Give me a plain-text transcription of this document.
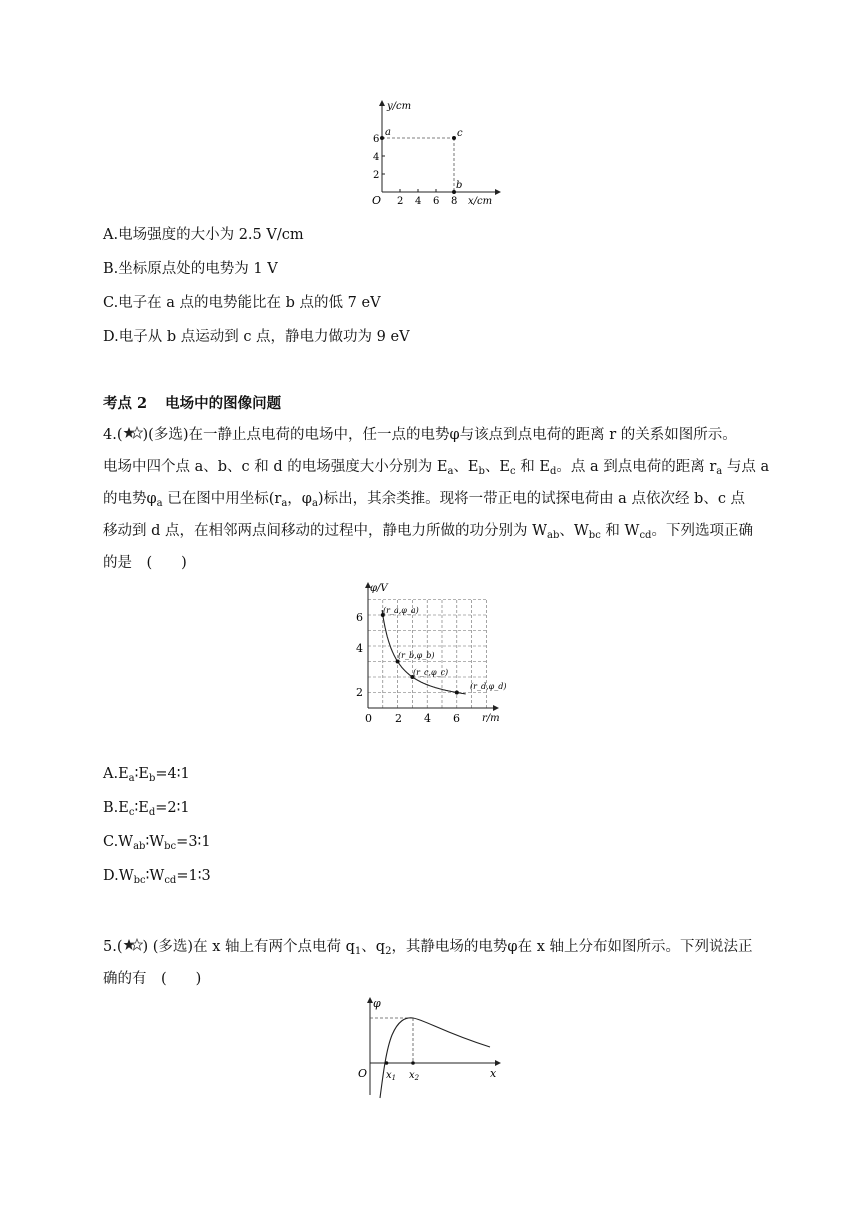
y/cm
x/cm
O
2
4
6
2 4 6 8
a
b
c
A.电场强度的大小为 2.5 V/cm
B.坐标原点处的电势为 1 V
C.电子在 a 点的电势能比在 b 点的低 7 eV
D.电子从 b 点运动到 c 点，静电力做功为 9 eV
考点 2 电场中的图像问题
4.( )(多选)在一静止点电荷的电场中，任一点的电势φ与该点到点电荷的距离 r 的关系如图所示。
电场中四个点 a、b、c 和 d 的电场强度大小分别为 $E_a$、$E_b$、$E_c$ 和 $E_d$。点 a 到点电荷的距离 $r_a$ 与点 a
的电势$\varphi_a$ 已在图中用坐标($r_a$，$\varphi_a$)标出，其余类推。现将一带正电的试探电荷由 a 点依次经 b、c 点
移动到 d 点，在相邻两点间移动的过程中，静电力所做的功分别为 $W_{ab}$、$W_{bc}$ 和 $W_{cd}$。下列选项正确
的是　(　　)
φ/V
r/m
2
4
6
0 2 4 6
(r_a,φ_a)
(r_b,φ_b)
(r_c,φ_c)
(r_d,φ_d)
$A.E_a∶E_b=4∶1$
$B.E_c∶E_d=2∶1$
$C.W_{ab}∶W_{bc}=3∶1$
$D.W_{bc}∶W_{cd}=1∶3$
5.( ) (多选)在 x 轴上有两个点电荷 $q_1$、$q_2$，其静电场的电势φ在 x 轴上分布如图所示。下列说法正
确的有　(　　)
φ
x
O $x_1$ $x_2$
